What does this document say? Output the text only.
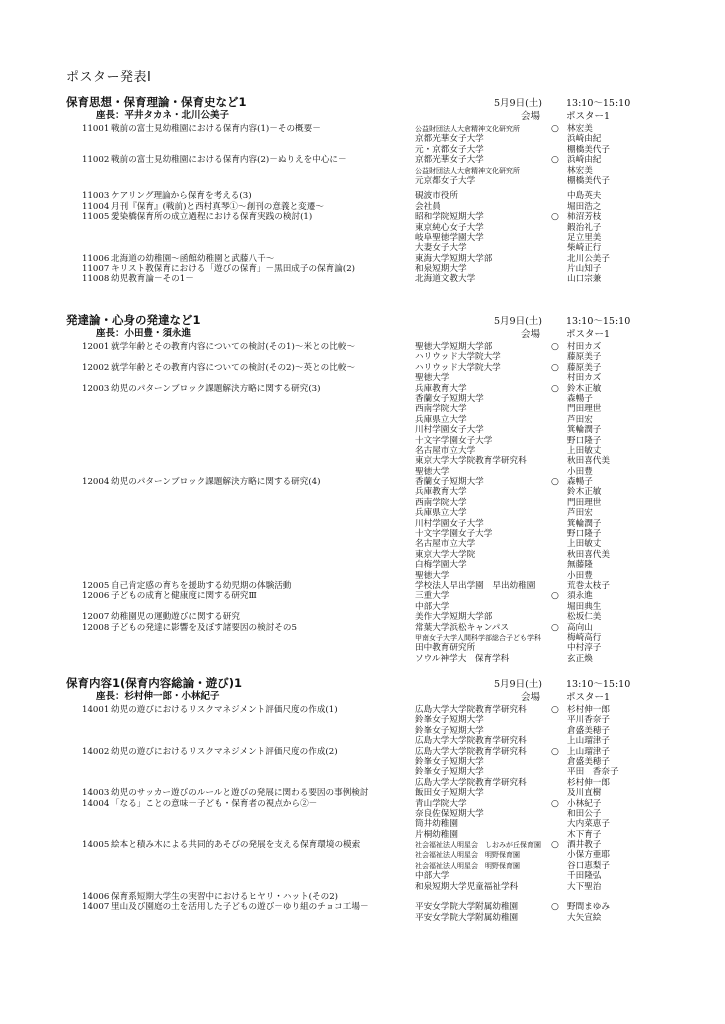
ポスター発表Ⅰ
保育思想・保育理論・保育史など1
座長：平井タカネ・北川公美子
5月9日(土)	13:10～15:10
会場	ポスター1
11001 戦前の富士見幼稚園における保育内容(1)－その概要－	公益財団法人大倉精神文化研究所	○ 林宏美
京都光華女子大学	浜崎由紀
元・京都女子大学	棚橋美代子
11002 戦前の富士見幼稚園における保育内容(2)－ぬりえを中心に－	京都光華女子大学	○ 浜崎由紀
公益財団法人大倉精神文化研究所	林宏美
元京都女子大学	棚橋美代子
11003 ケアリング理論から保育を考える(3)	硯波市役所	中島英夫
11004 月刊『保育』(戦前)と西村真琴①～創刊の意義と変遷～	会社員	堀田浩之
11005 愛染橋保育所の成立過程における保育実践の検討(1)	昭和学院短期大学	○ 柿沼芳枝
東京純心女子大学	鍜治礼子
岐阜聖徳学園大学	足立里美
大妻女子大学	柴崎正行
11006 北海道の幼稚園～函館幼稚園と武藤八千～	東海大学短期大学部	北川公美子
11007 キリスト教保育における「遊びの保育」－黒田成子の保育論(2)	和泉短期大学	片山知子
11008 幼児教育論－その1－	北海道文教大学	山口宗兼
発達論・心身の発達など1
座長：小田豊・須永進
5月9日(土)	13:10～15:10
会場	ポスター1
12001 就学年齢とその教育内容についての検討(その1)～米との比較～	聖徳大学短期大学部	○ 村田カズ
ハリウッド大学院大学	藤原美子
12002 就学年齢とその教育内容についての検討(その2)～英との比較～	ハリウッド大学院大学	○ 藤原美子
聖徳大学	村田カズ
12003 幼児のパターンブロック課題解決方略に関する研究(3)	兵庫教育大学	○ 鈴木正敏
香蘭女子短期大学	森暢子
西南学院大学	門田理世
兵庫県立大学	芦田宏
川村学園女子大学	箕輪潤子
十文字学園女子大学	野口隆子
名古屋市立大学	上田敏丈
東京大学大学院教育学研究科	秋田喜代美
聖徳大学	小田豊
12004 幼児のパターンブロック課題解決方略に関する研究(4)	香蘭女子短期大学	○ 森暢子
兵庫教育大学	鈴木正敏
西南学院大学	門田理世
兵庫県立大学	芦田宏
川村学園女子大学	箕輪潤子
十文字学園女子大学	野口隆子
名古屋市立大学	上田敏丈
東京大学大学院	秋田喜代美
白梅学園大学	無藤隆
聖徳大学	小田豊
12005 自己肯定感の育ちを援助する幼児期の体験活動	学校法人早出学園　早出幼稚園	荒巻太枝子
12006 子どもの成育と健康度に関する研究Ⅲ	三重大学	○ 須永進
中部大学	堀田典生
12007 幼稚園児の運動遊びに関する研究	美作大学短期大学部	松坂仁美
12008 子どもの発達に影響を及ぼす諸要因の検討その5	常葉大学浜松キャンパス	○ 高向山
甲南女子大学人間科学部総合子ども学科	梅崎高行
田中教育研究所	中村淳子
ソウル神学大　保育学科	玄正煥
保育内容1(保育内容総論・遊び)1
座長：杉村伸一郎・小林紀子
5月9日(土)	13:10～15:10
会場	ポスター1
14001 幼児の遊びにおけるリスクマネジメント評価尺度の作成(1)	広島大学大学院教育学研究科	○ 杉村伸一郎
鈴峯女子短期大学	平川香奈子
鈴峯女子短期大学	倉盛美穂子
広島大学大学院教育学研究科	上山瑠津子
14002 幼児の遊びにおけるリスクマネジメント評価尺度の作成(2)	広島大学大学院教育学研究科	○ 上山瑠津子
鈴峯女子短期大学	倉盛美穂子
鈴峯女子短期大学	平田　香奈子
広島大学大学院教育学研究科	杉村伸一郎
14003 幼児のサッカー遊びのルールと遊びの発展に関わる要因の事例検討	飯田女子短期大学	及川直樹
14004 「なる」ことの意味－子ども・保育者の視点から②－	青山学院大学	○ 小林紀子
奈良佐保短期大学	和田公子
筒井幼稚園	大内菜恵子
片桐幼稚園	木下育子
14005 絵本と積み木による共同的あそびの発展を支える保育環境の模索	社会福祉法人明星会　しおみが丘保育園 ○ 酒井教子
社会福祉法人明星会　明野保育園	小保方亜耶
社会福祉法人明星会　明野保育園	谷口恵梨子
中部大学	千田隆弘
和泉短期大学児童福祉学科	大下聖治
14006 保育系短期大学生の実習中におけるヒヤリ・ハット(その2)
14007 里山及び園庭の土を活用した子どもの遊び－ゆり組のチョコ工場－	平安女学院大学附属幼稚園	○ 野間まゆみ
平安女学院大学附属幼稚園	大矢宣絵
